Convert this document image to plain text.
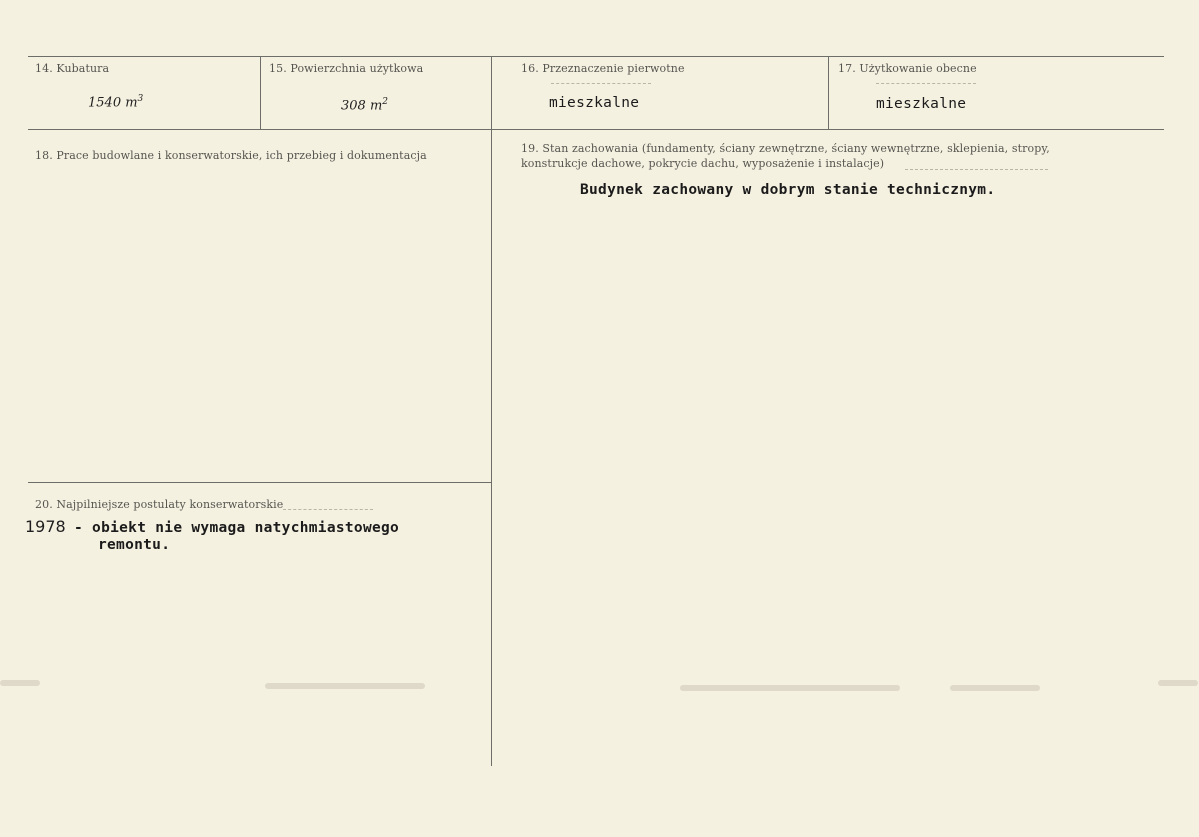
14. Kubatura
1540 $m^3$
15. Powierzchnia użytkowa
308 $m^2$
16. Przeznaczenie pierwotne
mieszkalne
17. Użytkowanie obecne
mieszkalne
18. Prace budowlane i konserwatorskie, ich przebieg i dokumentacja
19. Stan zachowania (fundamenty, ściany zewnętrzne, ściany wewnętrzne, sklepienia, stropy,
konstrukcje dachowe, pokrycie dachu, wyposażenie i instalacje)
Budynek zachowany w dobrym stanie technicznym.
20. Najpilniejsze postulaty konserwatorskie
1978 - obiekt nie wymaga natychmiastowego
remontu.
